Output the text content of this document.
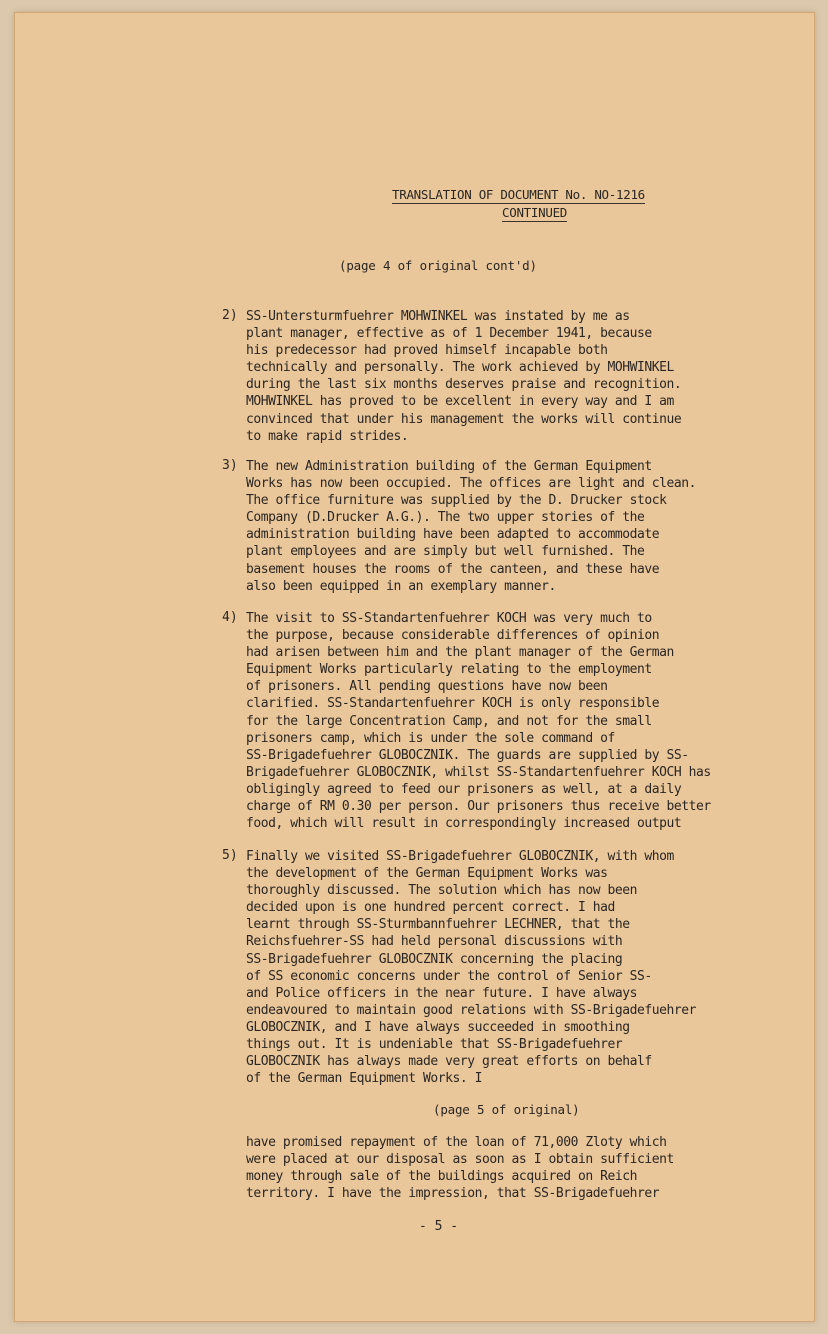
TRANSLATION OF DOCUMENT No. NO-1216
CONTINUED
(page 4 of original cont'd)
2) SS-Untersturmfuehrer MOHWINKEL was instated by me as
plant manager, effective as of 1 December 1941, because
his predecessor had proved himself incapable both
technically and personally. The work achieved by MOHWINKEL
during the last six months deserves praise and recognition.
MOHWINKEL has proved to be excellent in every way and I am
convinced that under his management the works will continue
to make rapid strides.
3) The new Administration building of the German Equipment
Works has now been occupied. The offices are light and clean.
The office furniture was supplied by the D. Drucker stock
Company (D.Drucker A.G.). The two upper stories of the
administration building have been adapted to accommodate
plant employees and are simply but well furnished. The
basement houses the rooms of the canteen, and these have
also been equipped in an exemplary manner.
4) The visit to SS-Standartenfuehrer KOCH was very much to
the purpose, because considerable differences of opinion
had arisen between him and the plant manager of the German
Equipment Works particularly relating to the employment
of prisoners. All pending questions have now been
clarified. SS-Standartenfuehrer KOCH is only responsible
for the large Concentration Camp, and not for the small
prisoners camp, which is under the sole command of
SS-Brigadefuehrer GLOBOCZNIK. The guards are supplied by SS-
Brigadefuehrer GLOBOCZNIK, whilst SS-Standartenfuehrer KOCH has
obligingly agreed to feed our prisoners as well, at a daily
charge of RM 0.30 per person. Our prisoners thus receive better
food, which will result in correspondingly increased output
5) Finally we visited SS-Brigadefuehrer GLOBOCZNIK, with whom
the development of the German Equipment Works was
thoroughly discussed. The solution which has now been
decided upon is one hundred percent correct. I had
learnt through SS-Sturmbannfuehrer LECHNER, that the
Reichsfuehrer-SS had held personal discussions with
SS-Brigadefuehrer GLOBOCZNIK concerning the placing
of SS economic concerns under the control of Senior SS-
and Police officers in the near future. I have always
endeavoured to maintain good relations with SS-Brigadefuehrer
GLOBOCZNIK, and I have always succeeded in smoothing
things out. It is undeniable that SS-Brigadefuehrer
GLOBOCZNIK has always made very great efforts on behalf
of the German Equipment Works. I
(page 5 of original)
have promised repayment of the loan of 71,000 Zloty which
were placed at our disposal as soon as I obtain sufficient
money through sale of the buildings acquired on Reich
territory. I have the impression, that SS-Brigadefuehrer
- 5 -
